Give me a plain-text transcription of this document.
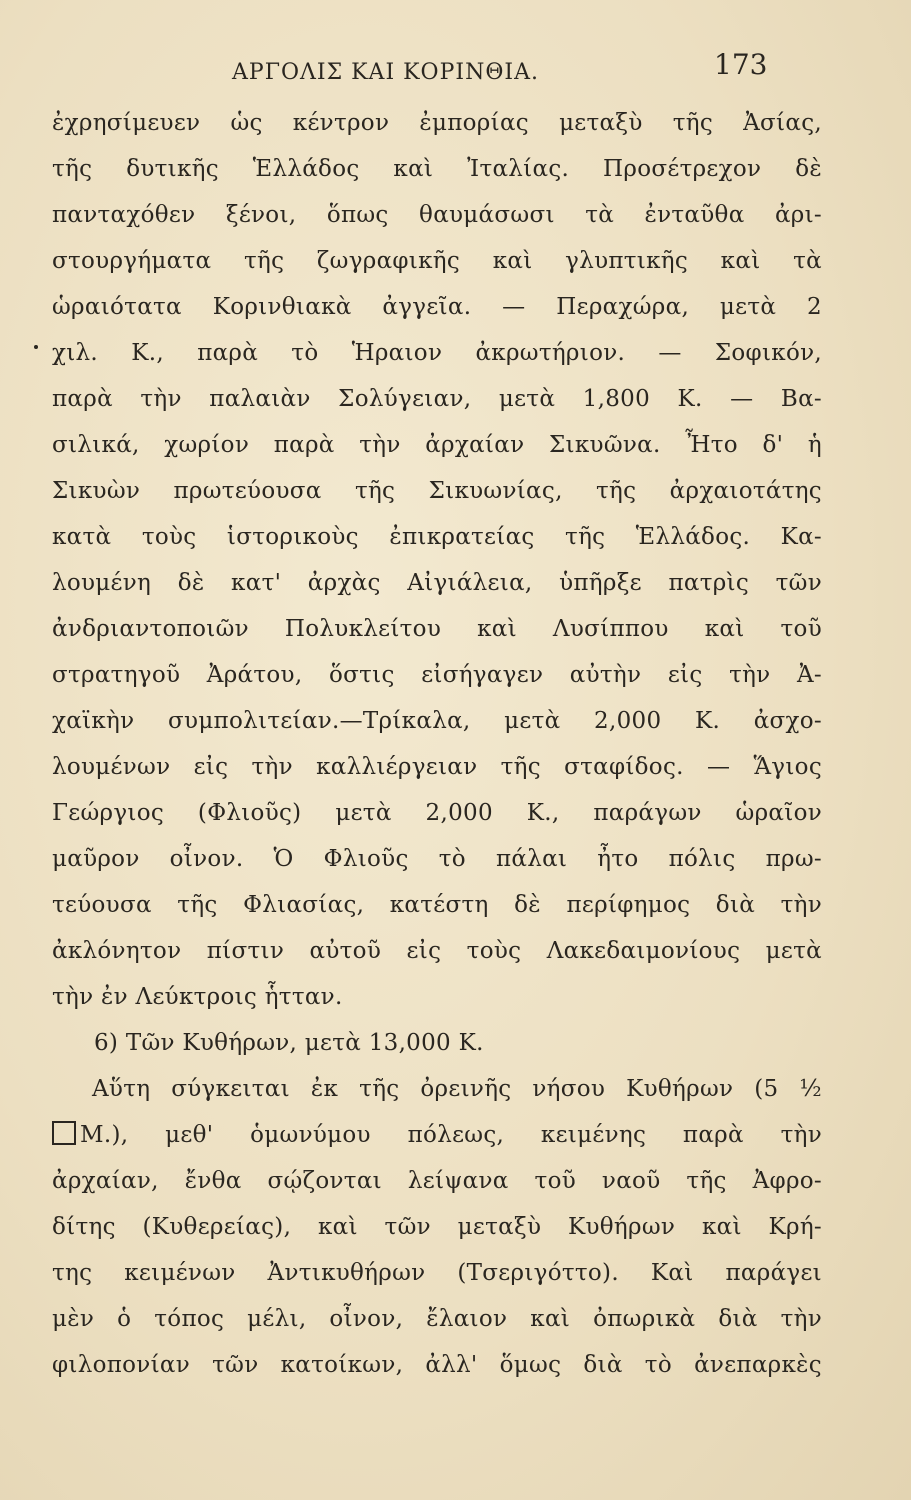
ΑΡΓΟΛΙΣ ΚΑΙ ΚΟΡΙΝΘΙΑ.	173
ἐχρησίμευεν ὡς κέντρον ἐμπορίας μεταξὺ τῆς Ἀσίας,
τῆς δυτικῆς Ἑλλάδος καὶ Ἰταλίας. Προσέτρεχον δὲ
πανταχόθεν ξένοι, ὅπως θαυμάσωσι τὰ ἐνταῦθα ἀρι-
στουργήματα τῆς ζωγραφικῆς καὶ γλυπτικῆς καὶ τὰ
ὡραιότατα Κορινθιακὰ ἀγγεῖα. — Περαχώρα, μετὰ 2
χιλ. Κ., παρὰ τὸ Ἡραιον ἀκρωτήριον. — Σοφικόν,
παρὰ τὴν παλαιὰν Σολύγειαν, μετὰ 1,800 Κ. — Βα-
σιλικά, χωρίον παρὰ τὴν ἀρχαίαν Σικυῶνα. Ἦτο δ' ἡ
Σικυὼν πρωτεύουσα τῆς Σικυωνίας, τῆς ἀρχαιοτάτης
κατὰ τοὺς ἱστορικοὺς ἐπικρατείας τῆς Ἑλλάδος. Κα-
λουμένη δὲ κατ' ἀρχὰς Αἰγιάλεια, ὑπῆρξε πατρὶς τῶν
ἀνδριαντοποιῶν Πολυκλείτου καὶ Λυσίππου καὶ τοῦ
στρατηγοῦ Ἀράτου, ὅστις εἰσήγαγεν αὐτὴν εἰς τὴν Ἀ-
χαϊκὴν συμπολιτείαν.—Τρίκαλα, μετὰ 2,000 Κ. ἀσχο-
λουμένων εἰς τὴν καλλιέργειαν τῆς σταφίδος. — Ἅγιος
Γεώργιος (Φλιοῦς) μετὰ 2,000 Κ., παράγων ὡραῖον
μαῦρον οἶνον. Ὁ Φλιοῦς τὸ πάλαι ἦτο πόλις πρω-
τεύουσα τῆς Φλιασίας, κατέστη δὲ περίφημος διὰ τὴν
ἀκλόνητον πίστιν αὐτοῦ εἰς τοὺς Λακεδαιμονίους μετὰ
τὴν ἐν Λεύκτροις ἧτταν.
6) Τῶν Κυθήρων, μετὰ 13,000 Κ.
Αὕτη σύγκειται ἐκ τῆς ὀρεινῆς νήσου Κυθήρων (5 ½
Μ.), μεθ' ὁμωνύμου πόλεως, κειμένης παρὰ τὴν
ἀρχαίαν, ἔνθα σῴζονται λείψανα τοῦ ναοῦ τῆς Ἀφρο-
δίτης (Κυθερείας), καὶ τῶν μεταξὺ Κυθήρων καὶ Κρή-
της κειμένων Ἀντικυθήρων (Τσεριγόττο). Καὶ παράγει
μὲν ὁ τόπος μέλι, οἶνον, ἔλαιον καὶ ὀπωρικὰ διὰ τὴν
φιλοπονίαν τῶν κατοίκων, ἀλλ' ὅμως διὰ τὸ ἀνεπαρκὲς
